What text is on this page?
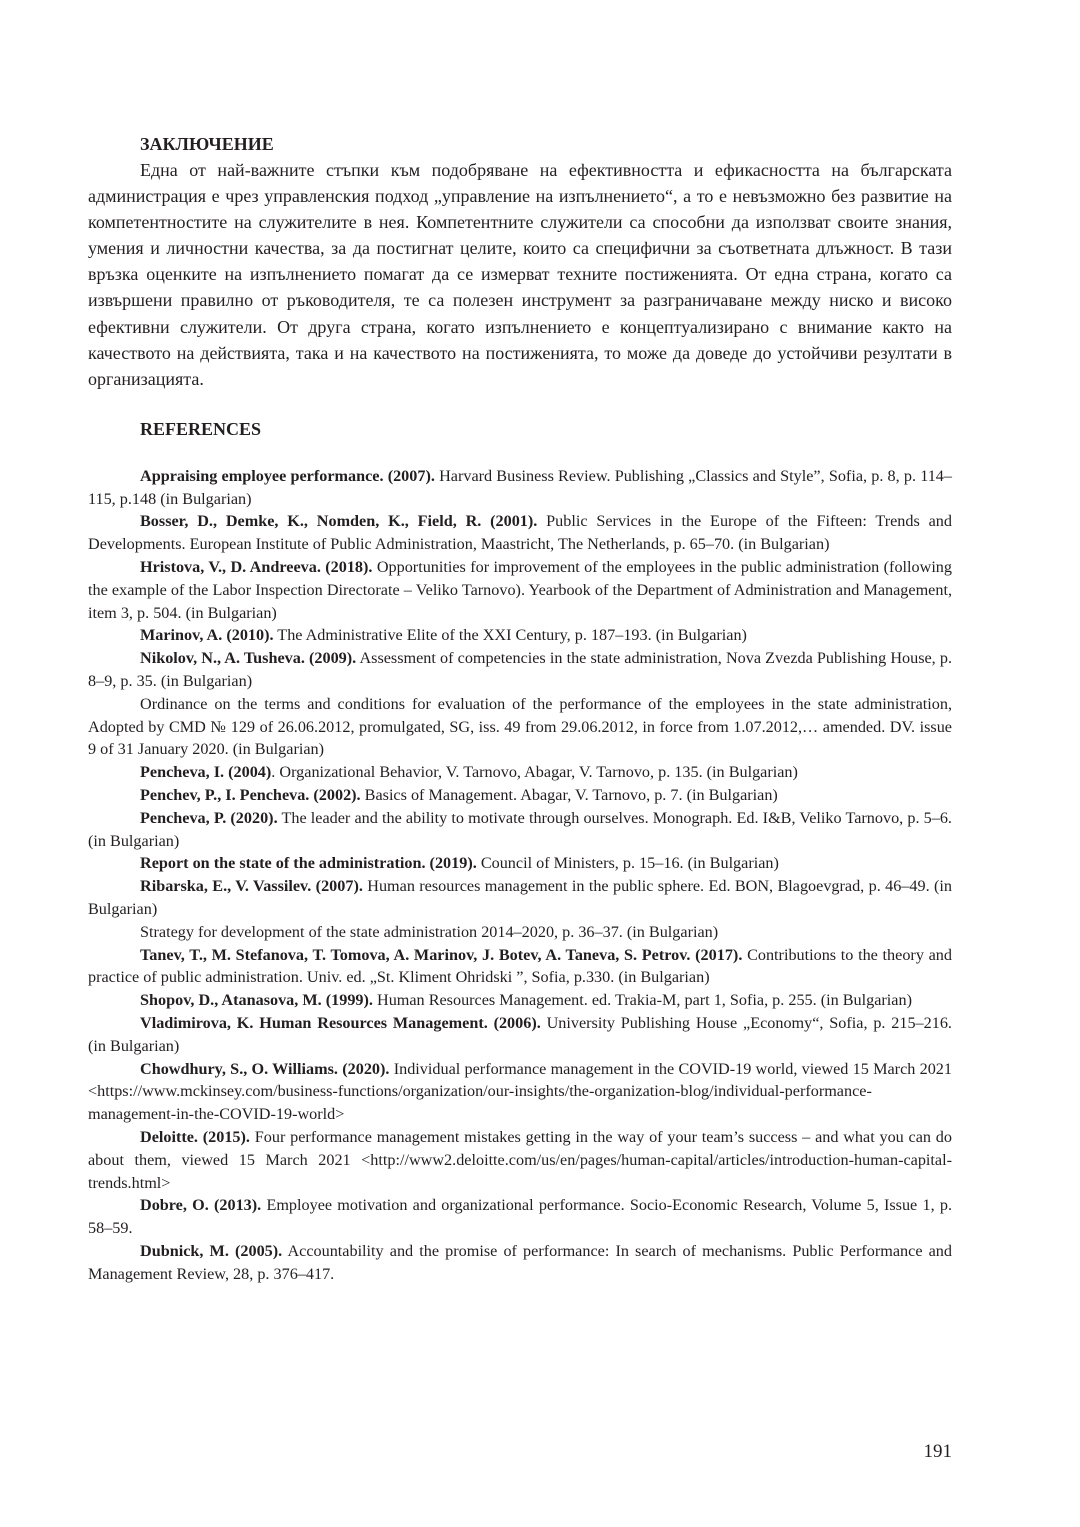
ЗАКЛЮЧЕНИЕ

Една от най-важните стъпки към подобряване на ефективността и ефикасността на българската администрация е чрез управленския подход „управление на изпълнението“, а то е невъзможно без развитие на компетентностите на служителите в нея. Компетентните служители са способни да използват своите знания, умения и личностни качества, за да постигнат целите, които са специфични за съответната длъжност. В тази връзка оценките на изпълнението помагат да се измерват техните постиженията. От една страна, когато са извършени правилно от ръководителя, те са полезен инструмент за разграничаване между ниско и високо ефективни служители. От друга страна, когато изпълнението е концептуализирано с внимание както на качеството на действията, така и на качеството на постиженията, то може да доведе до устойчиви резултати в организацията.

REFERENCES

Appraising employee performance. (2007). Harvard Business Review. Publishing „Classics and Style”, Sofia, p. 8, p. 114–115, p.148 (in Bulgarian)

Bosser, D., Demke, K., Nomden, K., Field, R. (2001). Public Services in the Europe of the Fifteen: Trends and Developments. European Institute of Public Administration, Maastricht, The Netherlands, p. 65–70. (in Bulgarian)

Hristova, V., D. Andreeva. (2018). Opportunities for improvement of the employees in the public administration (following the example of the Labor Inspection Directorate – Veliko Tarnovo). Yearbook of the Department of Administration and Management, item 3, p. 504. (in Bulgarian)

Marinov, A. (2010). The Administrative Elite of the XXI Century, p. 187–193. (in Bulgarian)

Nikolov, N., A. Tusheva. (2009). Assessment of competencies in the state administration, Nova Zvezda Publishing House, p. 8–9, p. 35. (in Bulgarian)

Ordinance on the terms and conditions for evaluation of the performance of the employees in the state administration, Adopted by CMD № 129 of 26.06.2012, promulgated, SG, iss. 49 from 29.06.2012, in force from 1.07.2012,… amended. DV. issue 9 of 31 January 2020. (in Bulgarian)

Pencheva, I. (2004). Organizational Behavior, V. Tarnovo, Abagar, V. Tarnovo, p. 135. (in Bulgarian)

Penchev, P., I. Pencheva. (2002). Basics of Management. Abagar, V. Tarnovo, p. 7. (in Bulgarian)

Pencheva, P. (2020). The leader and the ability to motivate through ourselves. Monograph. Ed. I&B, Veliko Tarnovo, p. 5–6. (in Bulgarian)

Report on the state of the administration. (2019). Council of Ministers, p. 15–16. (in Bulgarian)

Ribarska, E., V. Vassilev. (2007). Human resources management in the public sphere. Ed. BON, Blagoevgrad, p. 46–49. (in Bulgarian)

Strategy for development of the state administration 2014–2020, p. 36–37. (in Bulgarian)

Tanev, T., M. Stefanova, T. Tomova, A. Marinov, J. Botev, A. Taneva, S. Petrov. (2017). Contributions to the theory and practice of public administration. Univ. ed. „St. Kliment Ohridski ”, Sofia, p.330. (in Bulgarian)

Shopov, D., Atanasova, M. (1999). Human Resources Management. ed. Trakia-M, part 1, Sofia, p. 255. (in Bulgarian)

Vladimirova, K. Human Resources Management. (2006). University Publishing House „Economy“, Sofia, p. 215–216. (in Bulgarian)

Chowdhury, S., O. Williams. (2020). Individual performance management in the COVID-19 world, viewed 15 March 2021 <https://www.mckinsey.com/business-functions/organization/our-insights/the-organization-blog/individual-performance-management-in-the-COVID-19-world>

Deloitte. (2015). Four performance management mistakes getting in the way of your team’s success – and what you can do about them, viewed 15 March 2021 <http://www2.deloitte.com/us/en/pages/human-capital/articles/introduction-human-capital-trends.html>

Dobre, O. (2013). Employee motivation and organizational performance. Socio-Economic Research, Volume 5, Issue 1, p. 58–59.

Dubnick, M. (2005). Accountability and the promise of performance: In search of mechanisms. Public Performance and Management Review, 28, p. 376–417.

191
